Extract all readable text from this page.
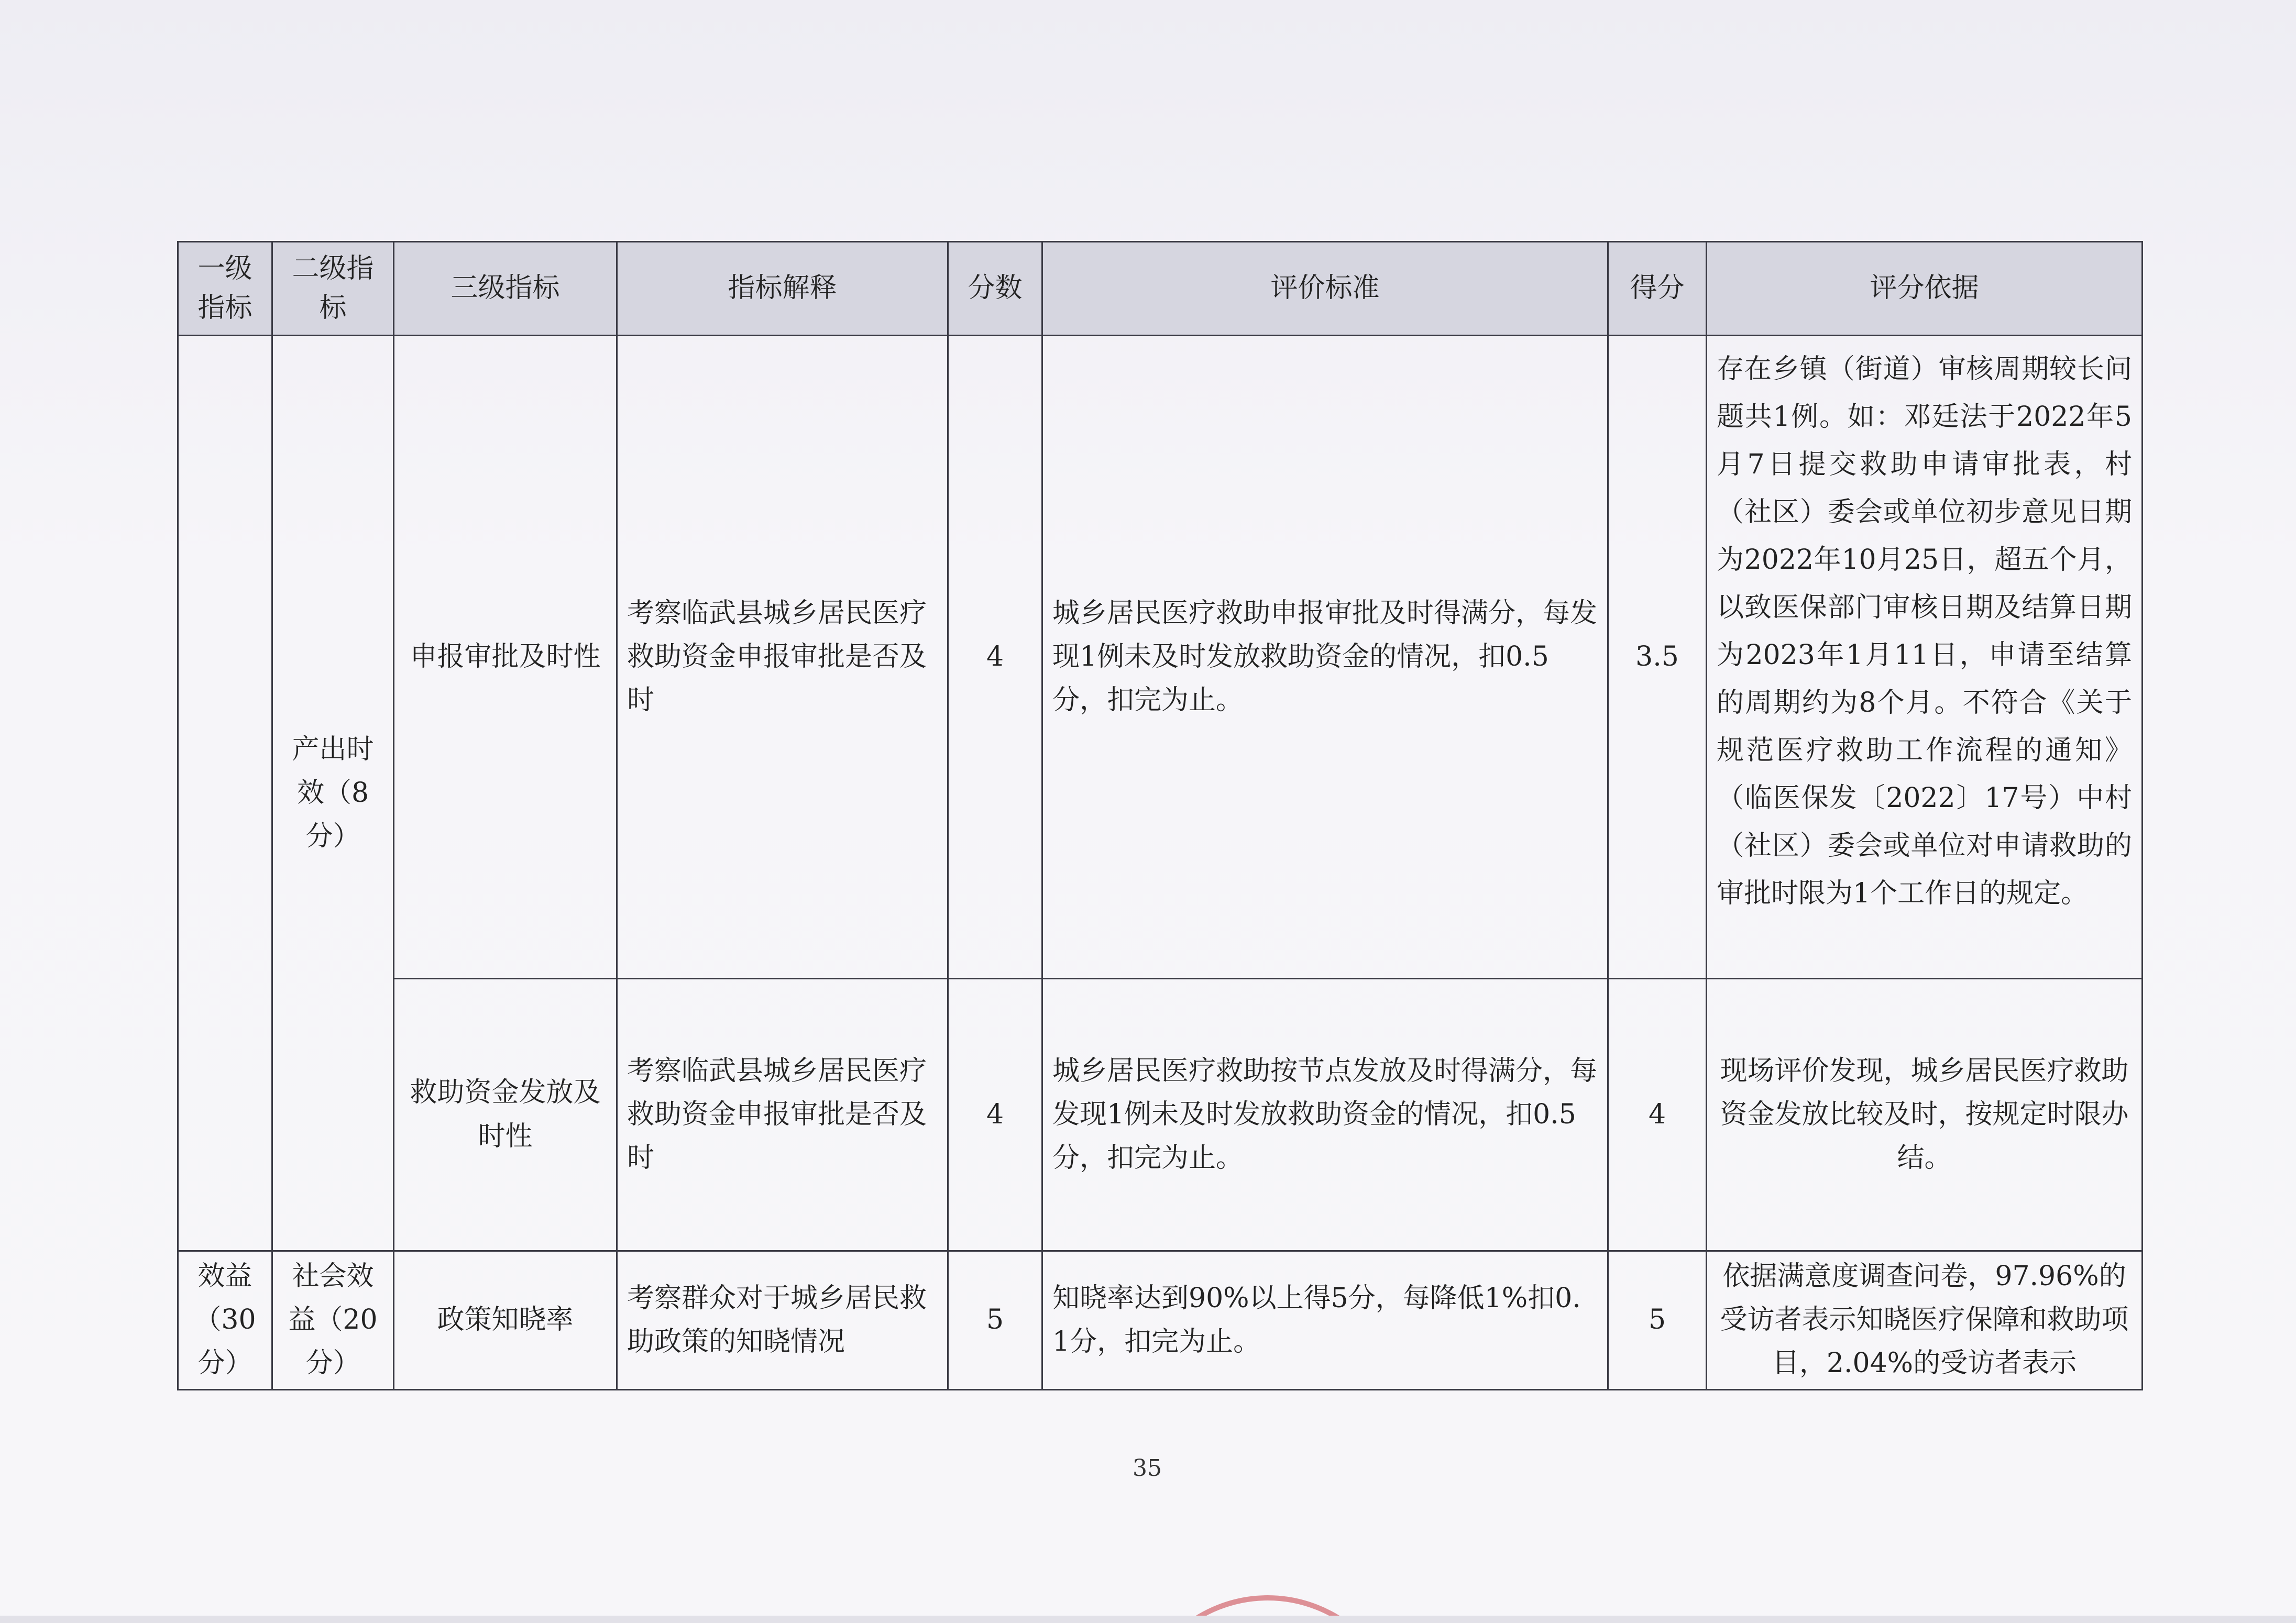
一级指标	二级指标	三级指标	指标解释	分数	评价标准	得分	评分依据
	产出时效（8分）	申报审批及时性	考察临武县城乡居民医疗救助资金申报审批是否及时	4	城乡居民医疗救助申报审批及时得满分，每发现1例未及时发放救助资金的情况，扣0.5分，扣完为止。	3.5	存在乡镇（街道）审核周期较长问题共1例。如：邓廷法于2022年5月7日提交救助申请审批表，村（社区）委会或单位初步意见日期为2022年10月25日，超五个月，以致医保部门审核日期及结算日期为2023年1月11日，申请至结算的周期约为8个月。不符合《关于规范医疗救助工作流程的通知》（临医保发〔2022〕17号）中村（社区）委会或单位对申请救助的审批时限为1个工作日的规定。
		救助资金发放及时性	考察临武县城乡居民医疗救助资金申报审批是否及时	4	城乡居民医疗救助按节点发放及时得满分，每发现1例未及时发放救助资金的情况，扣0.5分，扣完为止。	4	现场评价发现，城乡居民医疗救助资金发放比较及时，按规定时限办结。
效益（30分）	社会效益（20分）	政策知晓率	考察群众对于城乡居民救助政策的知晓情况	5	知晓率达到90%以上得5分，每降低1%扣0.1分，扣完为止。	5	依据满意度调查问卷，97.96%的受访者表示知晓医疗保障和救助项目，2.04%的受访者表示
35
